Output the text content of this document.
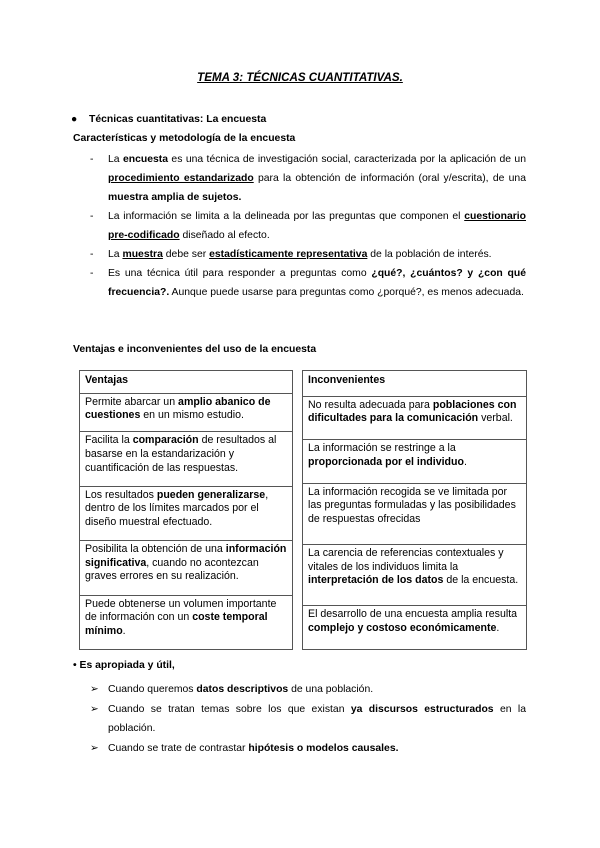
TEMA 3: TÉCNICAS CUANTITATIVAS.
● Técnicas cuantitativas: La encuesta
Características y metodología de la encuesta
- La encuesta es una técnica de investigación social, caracterizada por la aplicación de un procedimiento estandarizado para la obtención de información (oral y/escrita), de una muestra amplia de sujetos.
- La información se limita a la delineada por las preguntas que componen el cuestionario pre-codificado diseñado al efecto.
- La muestra debe ser estadísticamente representativa de la población de interés.
- Es una técnica útil para responder a preguntas como ¿qué?, ¿cuántos? y ¿con qué frecuencia?. Aunque puede usarse para preguntas como ¿porqué?, es menos adecuada.
Ventajas e inconvenientes del uso de la encuesta
Ventajas
Permite abarcar un amplio abanico de cuestiones en un mismo estudio.
Facilita la comparación de resultados al basarse en la estandarización y cuantificación de las respuestas.
Los resultados pueden generalizarse, dentro de los límites marcados por el diseño muestral efectuado.
Posibilita la obtención de una información significativa, cuando no acontezcan graves errores en su realización.
Puede obtenerse un volumen importante de información con un coste temporal mínimo.
Inconvenientes
No resulta adecuada para poblaciones con dificultades para la comunicación verbal.
La información se restringe a la proporcionada por el individuo.
La información recogida se ve limitada por las preguntas formuladas y las posibilidades de respuestas ofrecidas
La carencia de referencias contextuales y vitales de los individuos limita la interpretación de los datos de la encuesta.
El desarrollo de una encuesta amplia resulta complejo y costoso económicamente.
• Es apropiada y útil,
➢ Cuando queremos datos descriptivos de una población.
➢ Cuando se tratan temas sobre los que existan ya discursos estructurados en la población.
➢ Cuando se trate de contrastar hipótesis o modelos causales.
